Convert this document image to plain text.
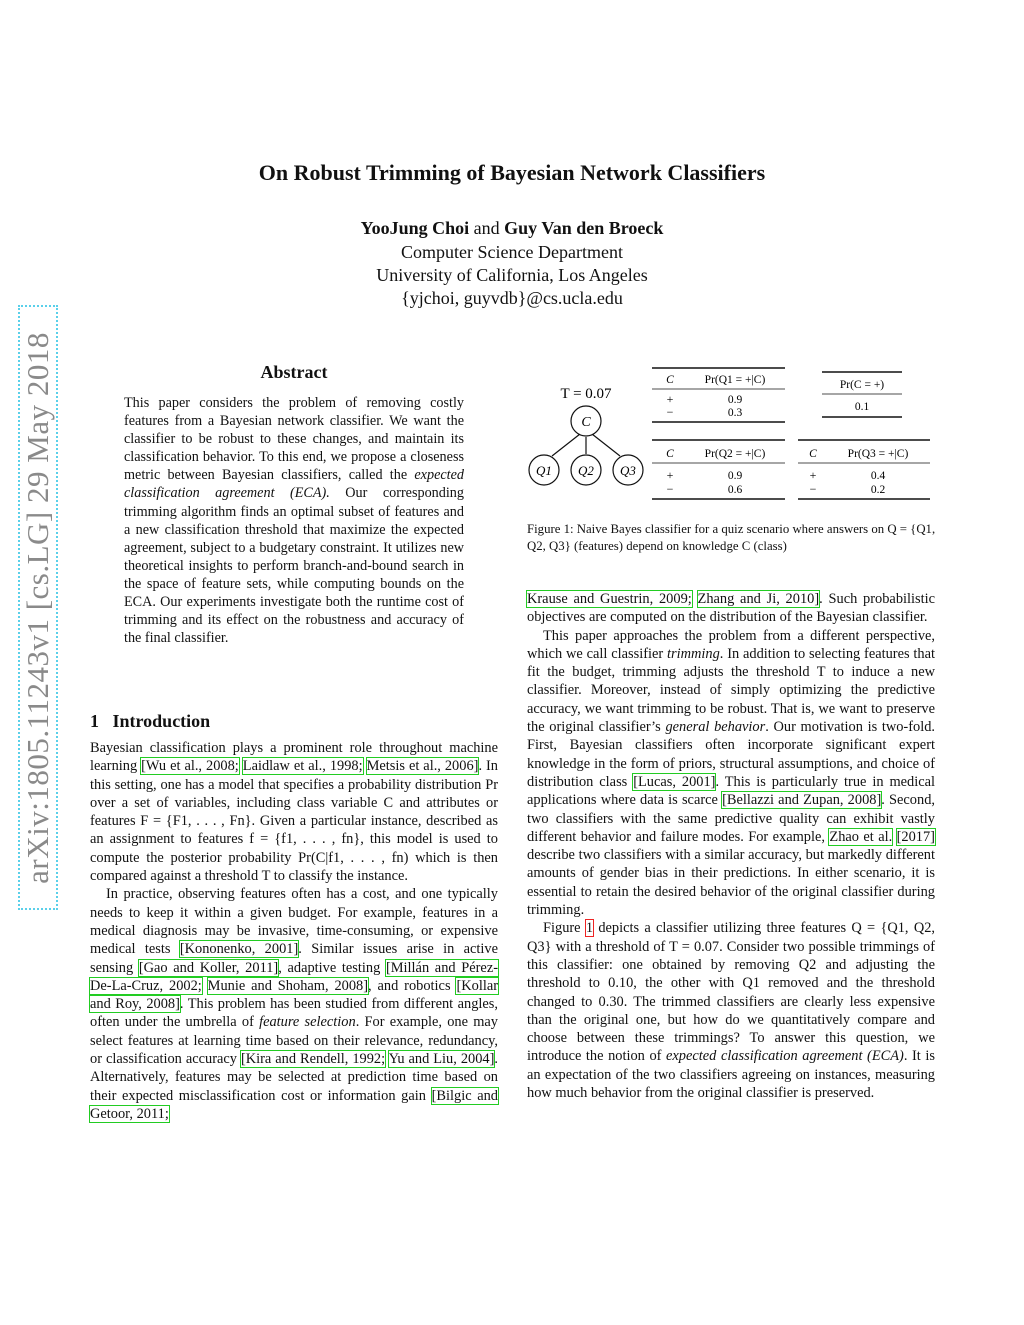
On Robust Trimming of Bayesian Network Classifiers
YooJung Choi and Guy Van den Broeck
Computer Science Department
University of California, Los Angeles
{yjchoi, guyvdb}@cs.ucla.edu
arXiv:1805.11243v1 [cs.LG] 29 May 2018	Abstract
This paper considers the problem of removing costly features from a Bayesian network classifier. We want the classifier to be robust to these changes, and maintain its classification behavior. To this end, we propose a closeness metric between Bayesian classifiers, called the expected classification agreement (ECA). Our corresponding trimming algorithm finds an optimal subset of features and a new classification threshold that maximize the expected agreement, subject to a budgetary constraint. It utilizes new theoretical insights to perform branch-and-bound search in the space of feature sets, while computing bounds on the ECA. Our experiments investigate both the runtime cost of trimming and its effect on the robustness and accuracy of the final classifier.
1 Introduction

Bayesian classification plays a prominent role throughout machine learning [Wu et al., 2008; Laidlaw et al., 1998; Metsis et al., 2006]. In this setting, one has a model that specifies a probability distribution Pr over a set of variables, including class variable C and attributes or features F = {F1, . . . , Fn}. Given a particular instance, described as an assignment to features f = {f1, . . . , fn}, this model is used to compute the posterior probability Pr(C|f1, . . . , fn) which is then compared against a threshold T to classify the instance.

In practice, observing features often has a cost, and one typically needs to keep it within a given budget. For example, features in a medical diagnosis may be invasive, time-consuming, or expensive medical tests [Kononenko, 2001]. Similar issues arise in active sensing [Gao and Koller, 2011], adaptive testing [Millán and Pérez-De-La-Cruz, 2002; Munie and Shoham, 2008], and robotics [Kollar and Roy, 2008]. This problem has been studied from different angles, often under the umbrella of feature selection. For example, one may select features at learning time based on their relevance, redundancy, or classification accuracy [Kira and Rendell, 1992; Yu and Liu, 2004]. Alternatively, features may be selected at prediction time based on their expected misclassification cost or information gain [Bilgic and Getoor, 2011;

T = 0.07
C
Q1 Q2 Q3
C	Pr(Q1 = +|C)
+	0.9
−	0.3
Pr(C = +)
0.1
C	Pr(Q2 = +|C)
+	0.9
−	0.6
C	Pr(Q3 = +|C)
+	0.4
−	0.2
Figure 1: Naive Bayes classifier for a quiz scenario where answers on Q = {Q1, Q2, Q3} (features) depend on knowledge C (class)

Krause and Guestrin, 2009; Zhang and Ji, 2010]. Such probabilistic objectives are computed on the distribution of the Bayesian classifier.

This paper approaches the problem from a different perspective, which we call classifier trimming. In addition to selecting features that fit the budget, trimming adjusts the threshold T to induce a new classifier. Moreover, instead of simply optimizing the predictive accuracy, we want trimming to be robust. That is, we want to preserve the original classifier’s general behavior. Our motivation is two-fold. First, Bayesian classifiers often incorporate significant expert knowledge in the form of priors, structural assumptions, and choice of distribution class [Lucas, 2001]. This is particularly true in medical applications where data is scarce [Bellazzi and Zupan, 2008]. Second, two classifiers with the same predictive quality can exhibit vastly different behavior and failure modes. For example, Zhao et al. [2017] describe two classifiers with a similar accuracy, but markedly different amounts of gender bias in their predictions. In either scenario, it is essential to retain the desired behavior of the original classifier during trimming.

Figure 1 depicts a classifier utilizing three features Q = {Q1, Q2, Q3} with a threshold of T = 0.07. Consider two possible trimmings of this classifier: one obtained by removing Q2 and adjusting the threshold to 0.10, the other with Q1 removed and the threshold changed to 0.30. The trimmed classifiers are clearly less expensive than the original one, but how do we quantitatively compare and choose between these trimmings? To answer this question, we introduce the notion of expected classification agreement (ECA). It is an expectation of the two classifiers agreeing on instances, measuring how much behavior from the original classifier is preserved.
